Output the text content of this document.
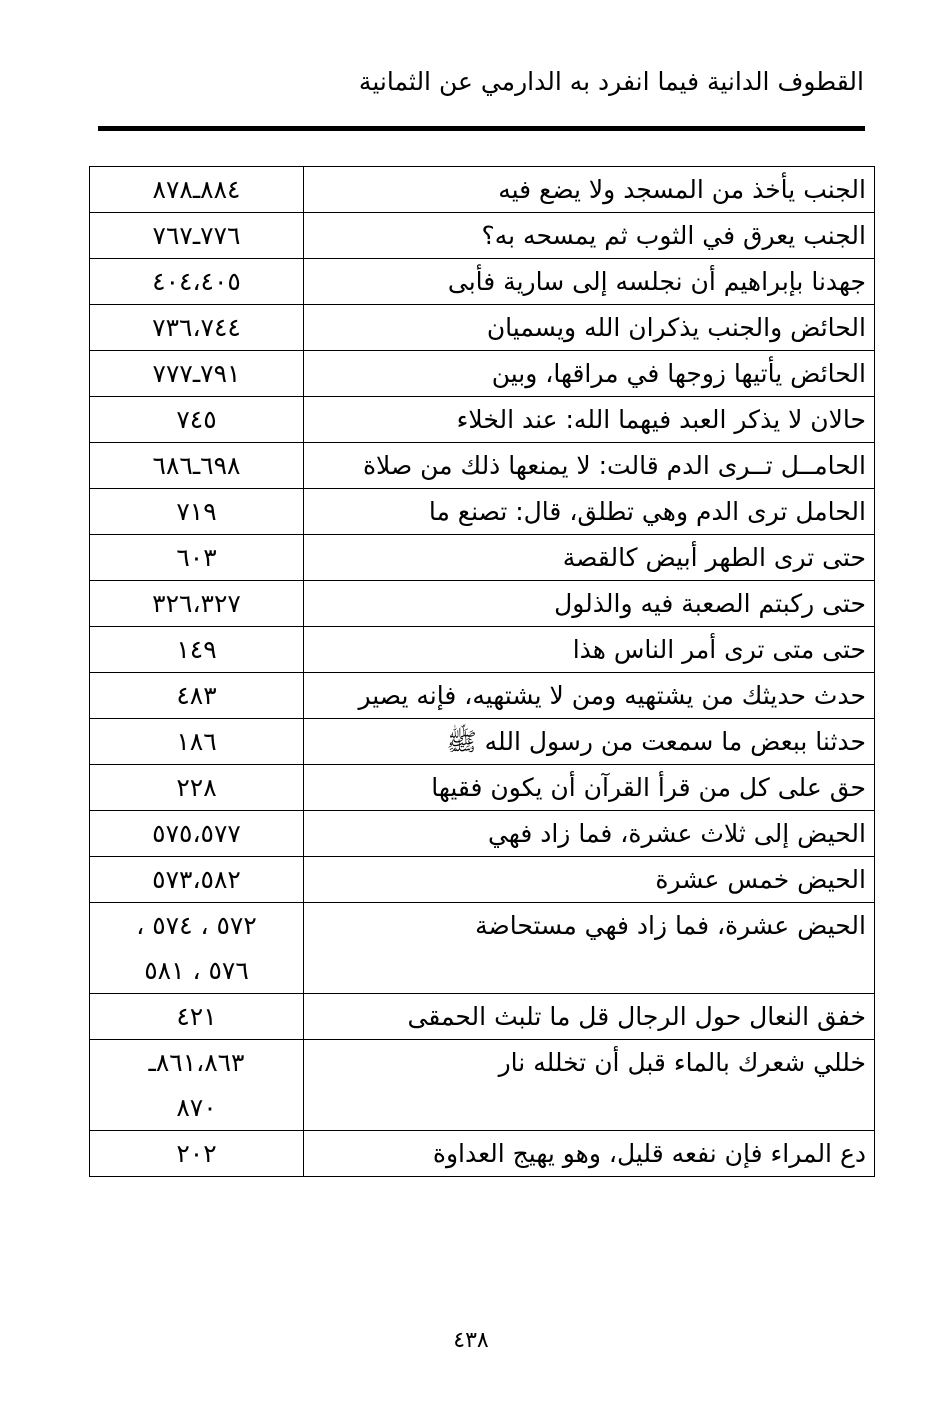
القطوف الدانية فيما انفرد به الدارمي عن الثمانية
الجنب يأخذ من المسجد ولا يضع فيه	٨٨٤ـ٨٧٨

الجنب يعرق في الثوب ثم يمسحه به؟	٧٧٦ـ٧٦٧

جهدنا بإبراهيم أن نجلسه إلى سارية فأبى	٤٠٤،٤٠٥

الحائض والجنب يذكران الله ويسميان	٧٣٦،٧٤٤

الحائض يأتيها زوجها في مراقها، وبين	٧٩١ـ٧٧٧

حالان لا يذكر العبد فيهما الله: عند الخلاء	٧٤٥

الحامــل تــرى الدم قالت: لا يمنعها ذلك من صلاة	٦٩٨ـ٦٨٦

الحامل ترى الدم وهي تطلق، قال: تصنع ما	٧١٩

حتى ترى الطهر أبيض كالقصة	٦٠٣

حتى ركبتم الصعبة فيه والذلول	٣٢٦،٣٢٧

حتى متى ترى أمر الناس هذا	١٤٩

حدث حديثك من يشتهيه ومن لا يشتهيه، فإنه يصير	٤٨٣

حدثنا ببعض ما سمعت من رسول الله ﷺ	١٨٦

حق على كل من قرأ القرآن أن يكون فقيها	٢٢٨

الحيض إلى ثلاث عشرة، فما زاد فهي	٥٧٥،٥٧٧

الحيض خمس عشرة	٥٧٣،٥٨٢

الحيض عشرة، فما زاد فهي مستحاضة	٥٧٢ ، ٥٧٤ ،
٥٧٦ ، ٥٨١

خفق النعال حول الرجال قل ما تلبث الحمقى	٤٢١

خللي شعرك بالماء قبل أن تخلله نار	٨٦١،٨٦٣ـ
٨٧٠

دع المراء فإن نفعه قليل، وهو يهيج العداوة	٢٠٢
٤٣٨
